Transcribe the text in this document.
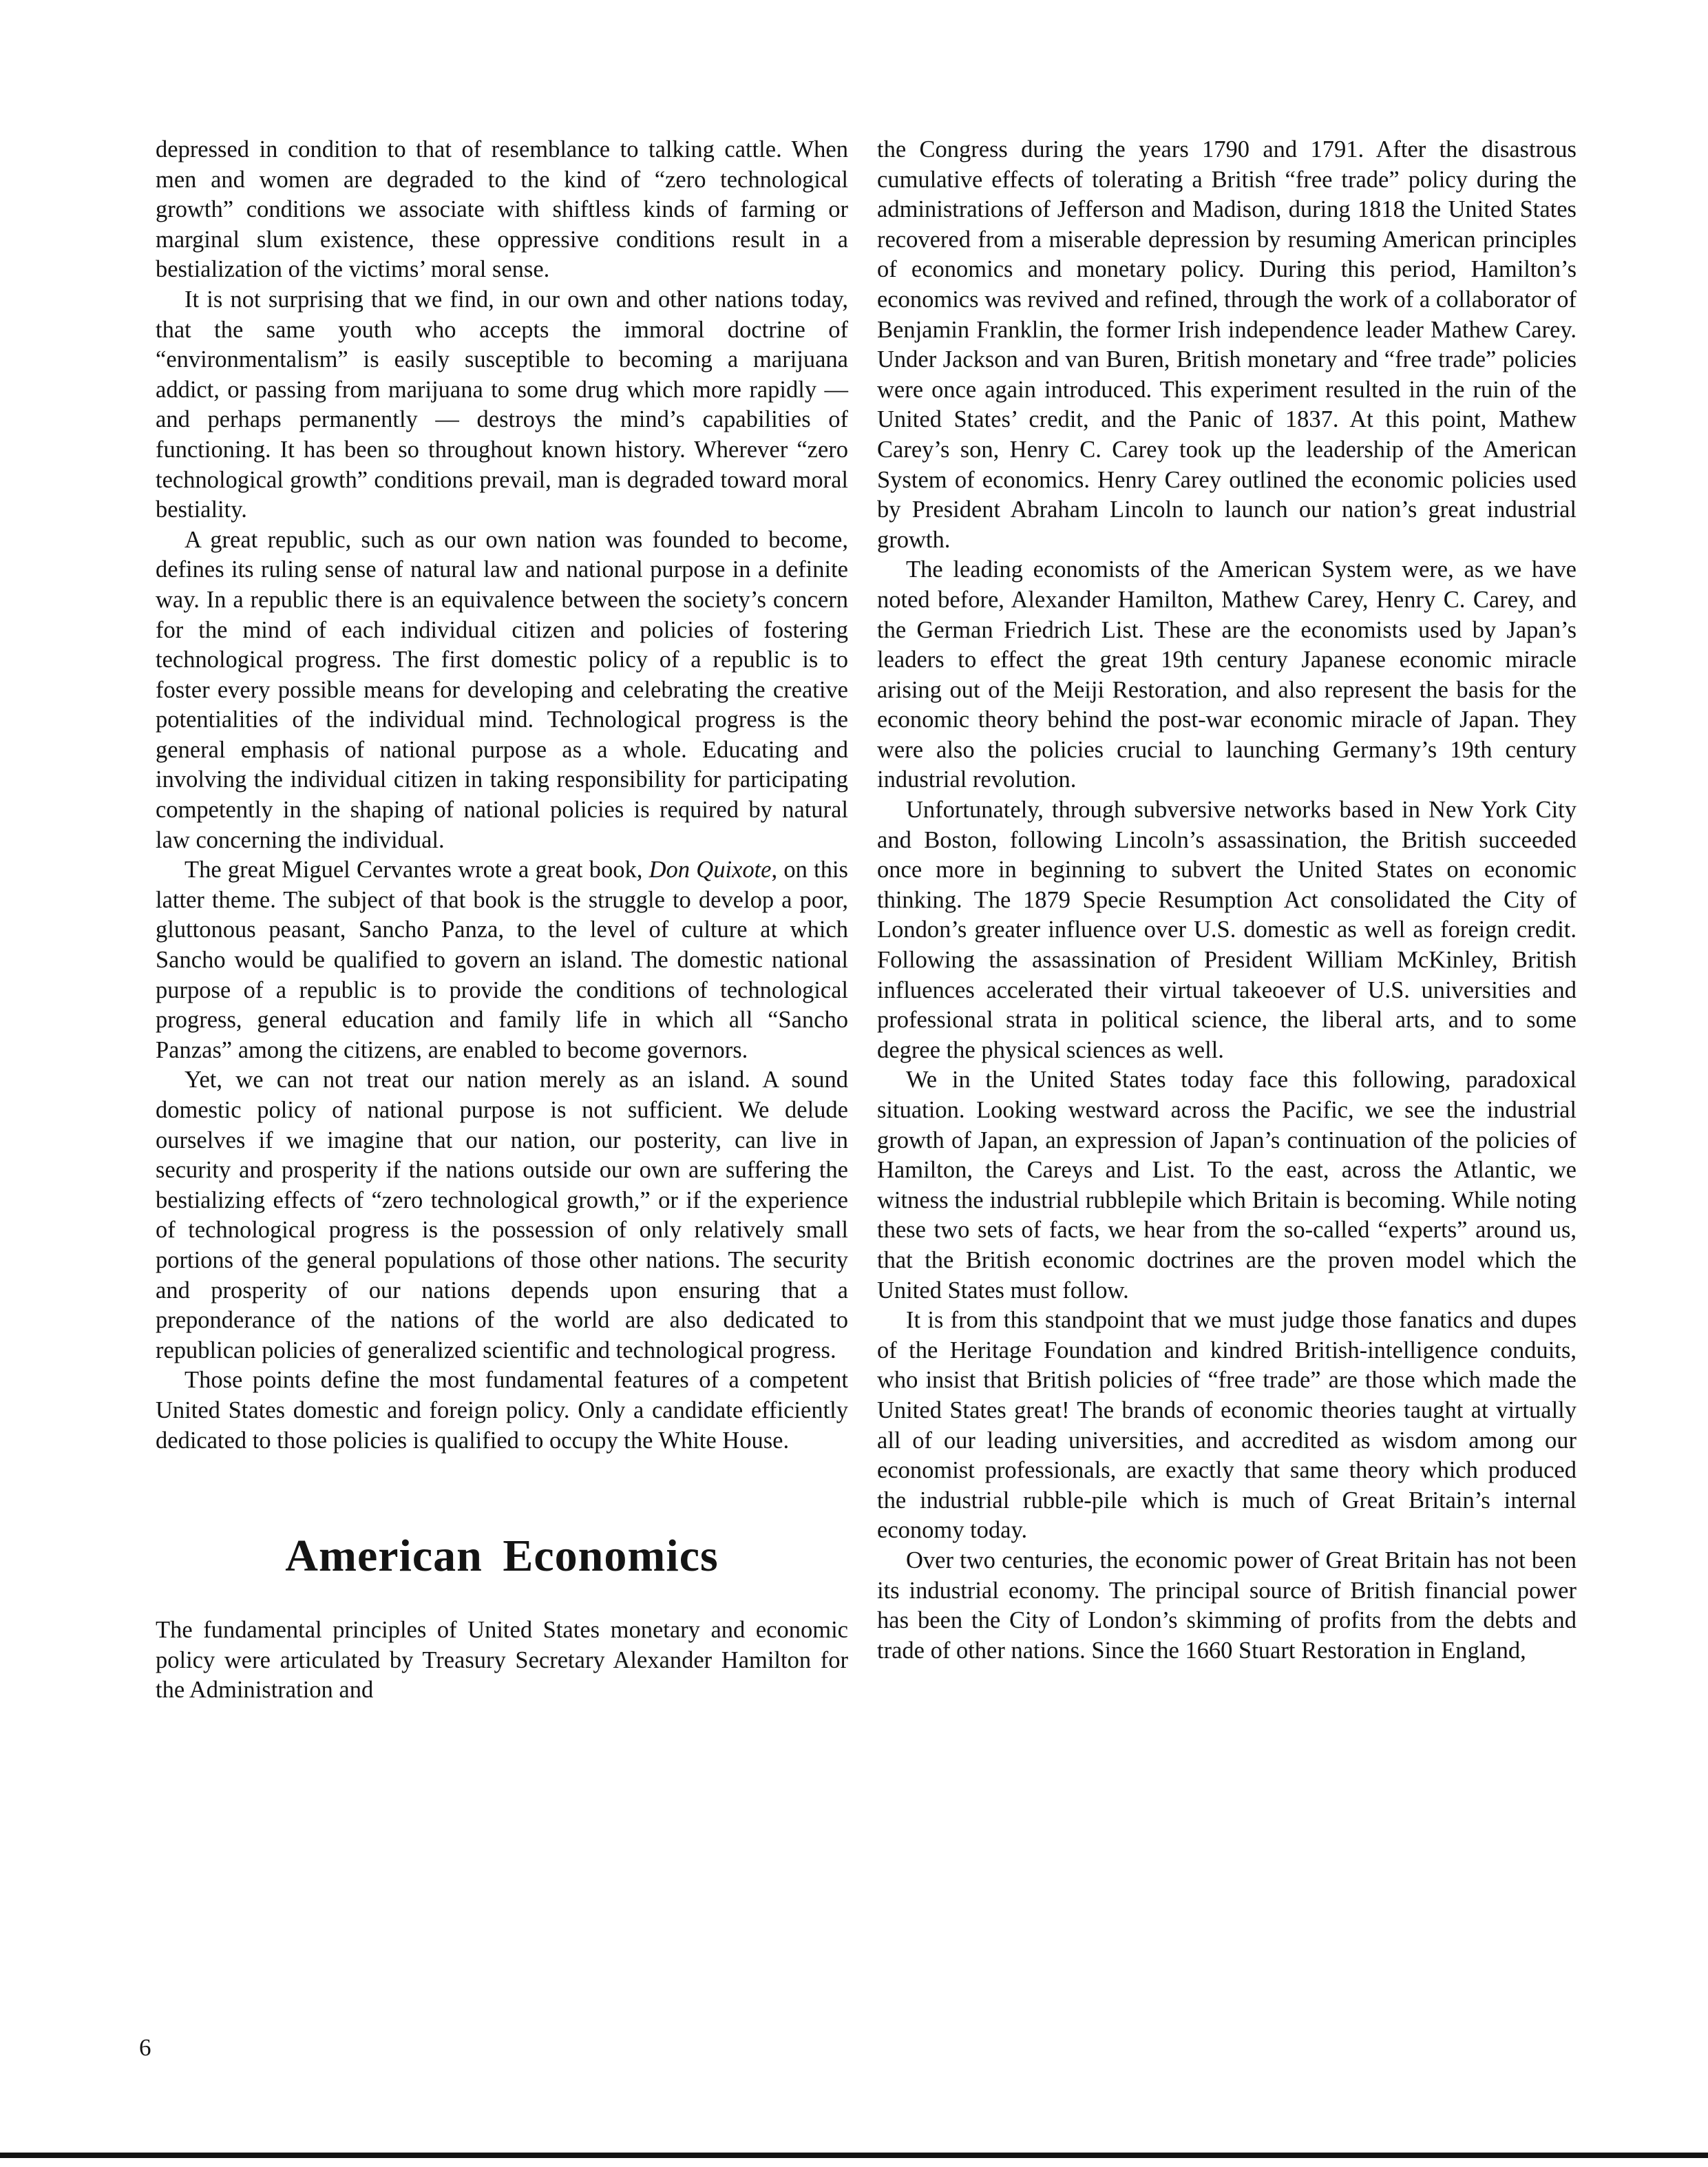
depressed in condition to that of resemblance to talking cattle. When men and women are degraded to the kind of “zero technological growth” conditions we associate with shiftless kinds of farming or marginal slum existence, these oppressive conditions result in a bestialization of the victims’ moral sense.

It is not surprising that we find, in our own and other nations today, that the same youth who accepts the immoral doctrine of “environmentalism” is easily susceptible to becoming a marijuana addict, or passing from marijuana to some drug which more rapidly — and perhaps permanently — destroys the mind’s capabilities of functioning. It has been so throughout known history. Wherever “zero technological growth” conditions prevail, man is degraded toward moral bestiality.

A great republic, such as our own nation was founded to become, defines its ruling sense of natural law and national purpose in a definite way. In a republic there is an equivalence between the society’s concern for the mind of each individual citizen and policies of fostering technological progress. The first domestic policy of a republic is to foster every possible means for developing and celebrating the creative potentialities of the individual mind. Technological progress is the general emphasis of national purpose as a whole. Educating and involving the individual citizen in taking responsibility for participating competently in the shaping of national policies is required by natural law concerning the individual.

The great Miguel Cervantes wrote a great book, Don Quixote, on this latter theme. The subject of that book is the struggle to develop a poor, gluttonous peasant, Sancho Panza, to the level of culture at which Sancho would be qualified to govern an island. The domestic national purpose of a republic is to provide the conditions of technological progress, general education and family life in which all “Sancho Panzas” among the citizens, are enabled to become governors.

Yet, we can not treat our nation merely as an island. A sound domestic policy of national purpose is not sufficient. We delude ourselves if we imagine that our nation, our posterity, can live in security and prosperity if the nations outside our own are suffering the bestializing effects of “zero technological growth,” or if the experience of technological progress is the possession of only relatively small portions of the general populations of those other nations. The security and prosperity of our nations depends upon ensuring that a preponderance of the nations of the world are also dedicated to republican policies of generalized scientific and technological progress.

Those points define the most fundamental features of a competent United States domestic and foreign policy. Only a candidate efficiently dedicated to those policies is qualified to occupy the White House.

American Economics

The fundamental principles of United States monetary and economic policy were articulated by Treasury Secretary Alexander Hamilton for the Administration and

the Congress during the years 1790 and 1791. After the disastrous cumulative effects of tolerating a British “free trade” policy during the administrations of Jefferson and Madison, during 1818 the United States recovered from a miserable depression by resuming American principles of economics and monetary policy. During this period, Hamilton’s economics was revived and refined, through the work of a collaborator of Benjamin Franklin, the former Irish independence leader Mathew Carey. Under Jackson and van Buren, British monetary and “free trade” policies were once again introduced. This experiment resulted in the ruin of the United States’ credit, and the Panic of 1837. At this point, Mathew Carey’s son, Henry C. Carey took up the leadership of the American System of economics. Henry Carey outlined the economic policies used by President Abraham Lincoln to launch our nation’s great industrial growth.

The leading economists of the American System were, as we have noted before, Alexander Hamilton, Mathew Carey, Henry C. Carey, and the German Friedrich List. These are the economists used by Japan’s leaders to effect the great 19th century Japanese economic miracle arising out of the Meiji Restoration, and also represent the basis for the economic theory behind the post-war economic miracle of Japan. They were also the policies crucial to launching Germany’s 19th century industrial revolution.

Unfortunately, through subversive networks based in New York City and Boston, following Lincoln’s assassination, the British succeeded once more in beginning to subvert the United States on economic thinking. The 1879 Specie Resumption Act consolidated the City of London’s greater influence over U.S. domestic as well as foreign credit. Following the assassination of President William McKinley, British influences accelerated their virtual takeoever of U.S. universities and professional strata in political science, the liberal arts, and to some degree the physical sciences as well.

We in the United States today face this following, paradoxical situation. Looking westward across the Pacific, we see the industrial growth of Japan, an expression of Japan’s continuation of the policies of Hamilton, the Careys and List. To the east, across the Atlantic, we witness the industrial rubblepile which Britain is becoming. While noting these two sets of facts, we hear from the so-called “experts” around us, that the British economic doctrines are the proven model which the United States must follow.

It is from this standpoint that we must judge those fanatics and dupes of the Heritage Foundation and kindred British-intelligence conduits, who insist that British policies of “free trade” are those which made the United States great! The brands of economic theories taught at virtually all of our leading universities, and accredited as wisdom among our economist professionals, are exactly that same theory which produced the industrial rubble-pile which is much of Great Britain’s internal economy today.

Over two centuries, the economic power of Great Britain has not been its industrial economy. The principal source of British financial power has been the City of London’s skimming of profits from the debts and trade of other nations. Since the 1660 Stuart Restoration in England,

6
